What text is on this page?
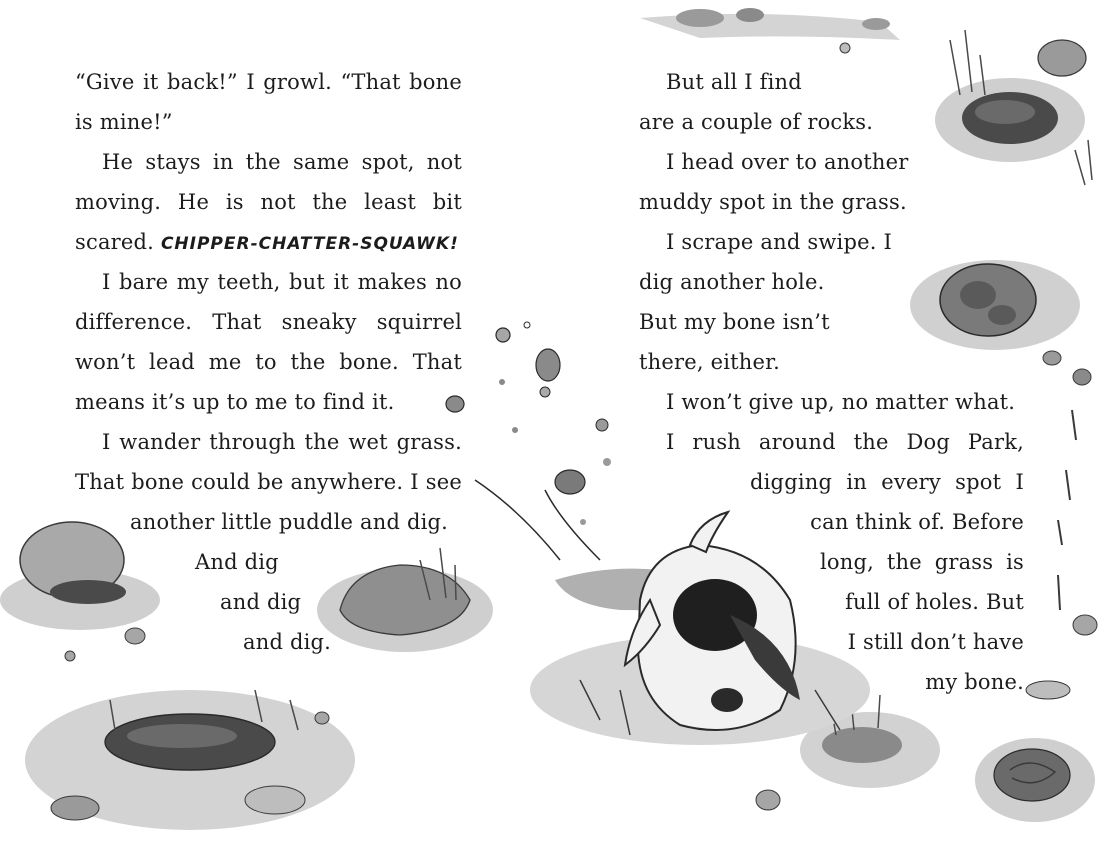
“Give it back!” I growl. “That bone
is mine!”
He stays in the same spot, not
moving. He is not the least bit
scared. CHIPPER-CHATTER-SQUAWK!
I bare my teeth, but it makes no
difference. That sneaky squirrel
won’t lead me to the bone. That
means it’s up to me to find it.
I wander through the wet grass.
That bone could be anywhere. I see
another little puddle and dig.
And dig
and dig
and dig.
But all I find
are a couple of rocks.
I head over to another
muddy spot in the grass.
I scrape and swipe. I
dig another hole.
But my bone isn’t
there, either.
I won’t give up, no matter what.
I rush around the Dog Park,
digging in every spot I
can think of. Before
long, the grass is
full of holes. But
I still don’t have
my bone.
